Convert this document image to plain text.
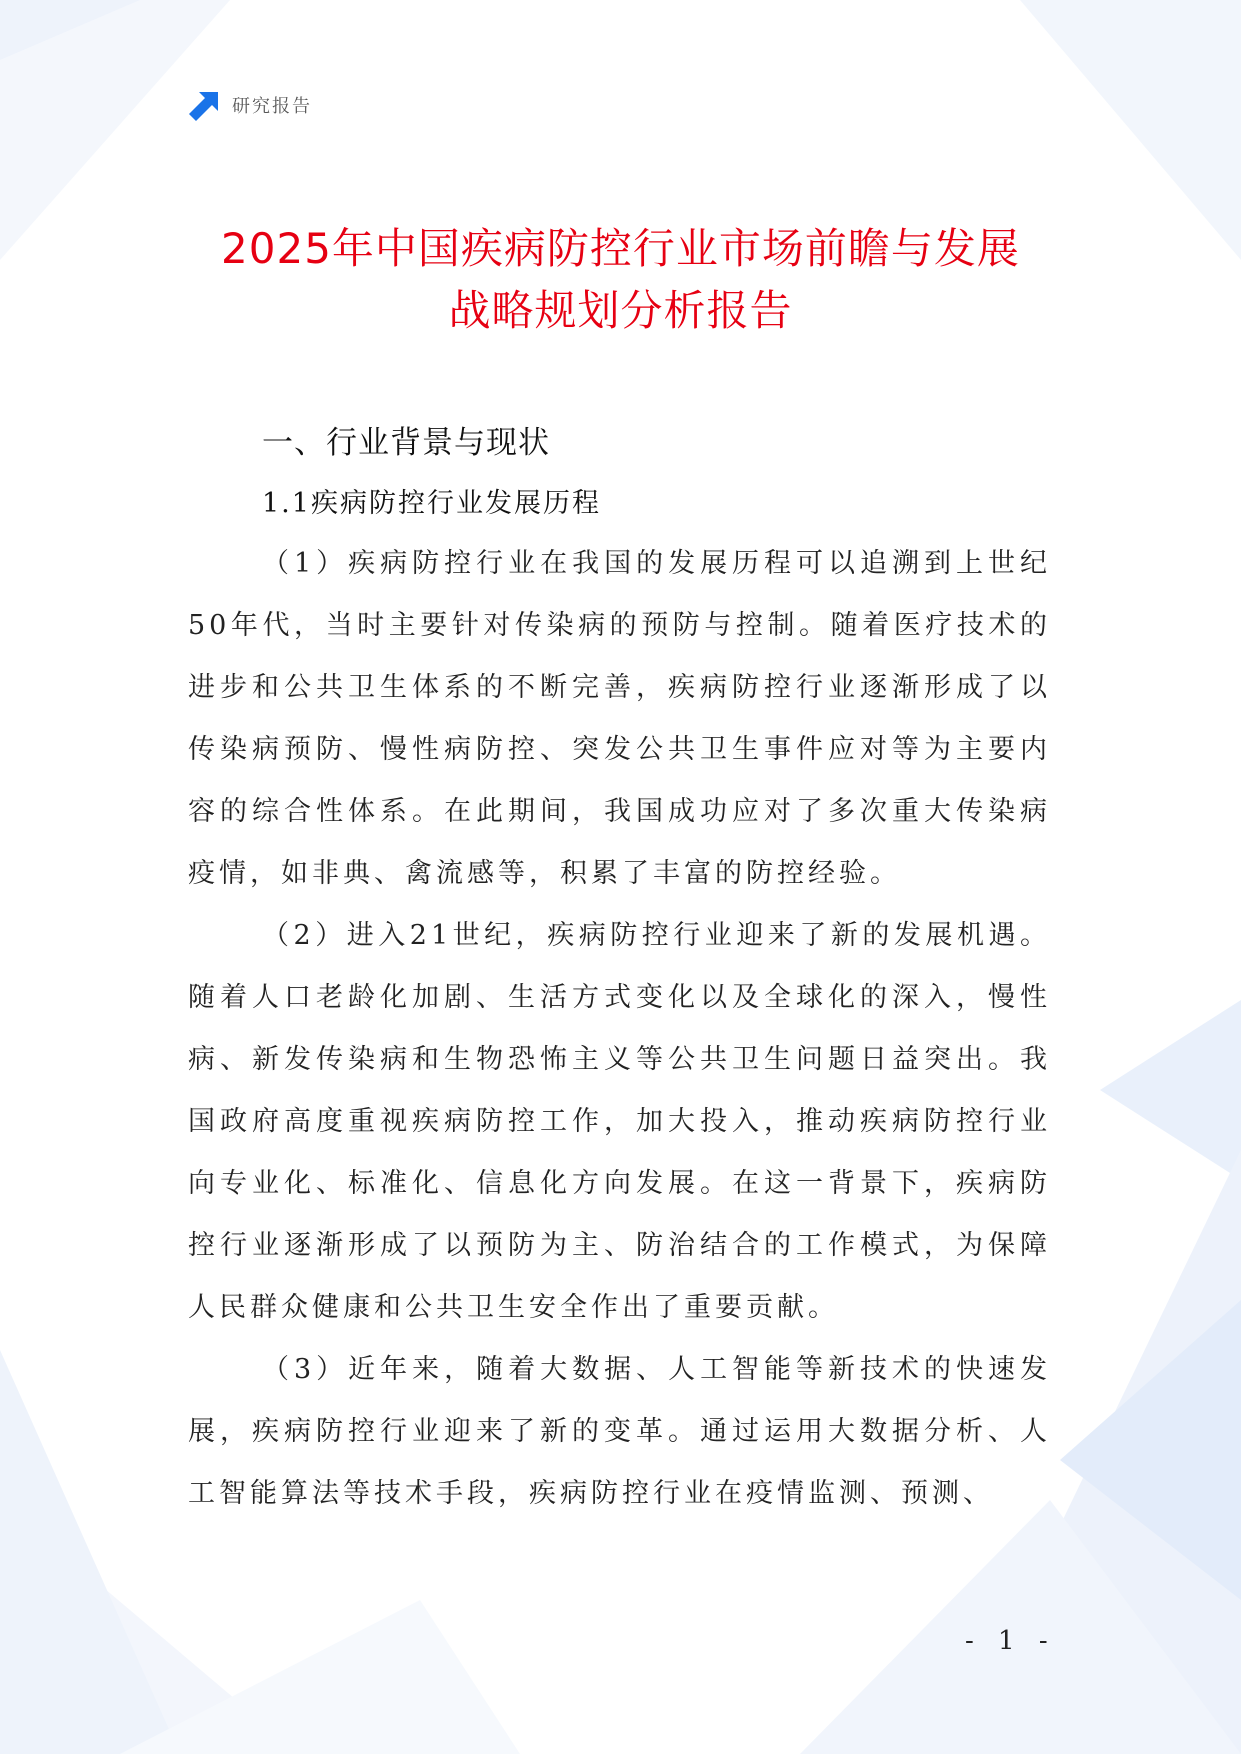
研究报告
2025年中国疾病防控行业市场前瞻与发展
战略规划分析报告
一、行业背景与现状
1.1疾病防控行业发展历程

（1）疾病防控行业在我国的发展历程可以追溯到上世纪50年代，当时主要针对传染病的预防与控制。随着医疗技术的进步和公共卫生体系的不断完善，疾病防控行业逐渐形成了以传染病预防、慢性病防控、突发公共卫生事件应对等为主要内容的综合性体系。在此期间，我国成功应对了多次重大传染病疫情，如非典、禽流感等，积累了丰富的防控经验。

（2）进入21世纪，疾病防控行业迎来了新的发展机遇。随着人口老龄化加剧、生活方式变化以及全球化的深入，慢性病、新发传染病和生物恐怖主义等公共卫生问题日益突出。我国政府高度重视疾病防控工作，加大投入，推动疾病防控行业向专业化、标准化、信息化方向发展。在这一背景下，疾病防控行业逐渐形成了以预防为主、防治结合的工作模式，为保障人民群众健康和公共卫生安全作出了重要贡献。

（3）近年来，随着大数据、人工智能等新技术的快速发展，疾病防控行业迎来了新的变革。通过运用大数据分析、人工智能算法等技术手段，疾病防控行业在疫情监测、预测、

- 1 -
